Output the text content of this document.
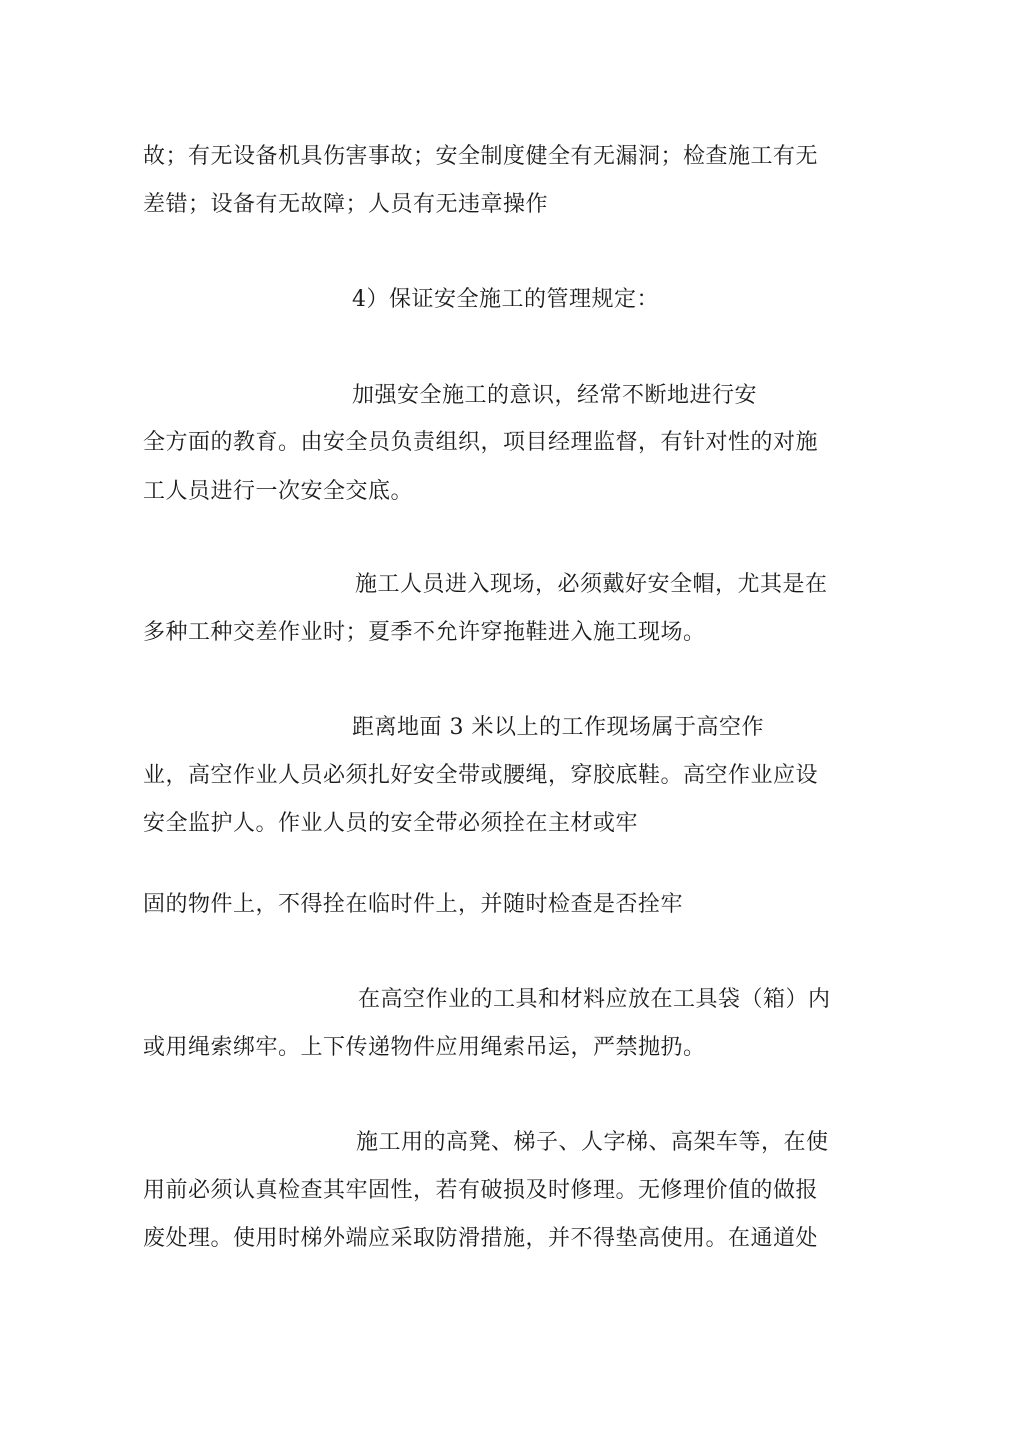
故；有无设备机具伤害事故；安全制度健全有无漏洞；检查施工有无
差错；设备有无故障；人员有无违章操作
4）保证安全施工的管理规定：
加强安全施工的意识，经常不断地进行安
全方面的教育。由安全员负责组织，项目经理监督，有针对性的对施
工人员进行一次安全交底。
施工人员进入现场，必须戴好安全帽，尤其是在
多种工种交差作业时；夏季不允许穿拖鞋进入施工现场。
距离地面 3 米以上的工作现场属于高空作
业，高空作业人员必须扎好安全带或腰绳，穿胶底鞋。高空作业应设
安全监护人。作业人员的安全带必须拴在主材或牢
固的物件上，不得拴在临时件上，并随时检查是否拴牢
在高空作业的工具和材料应放在工具袋（箱）内
或用绳索绑牢。上下传递物件应用绳索吊运，严禁抛扔。
施工用的高凳、梯子、人字梯、高架车等，在使
用前必须认真检查其牢固性，若有破损及时修理。无修理价值的做报
废处理。使用时梯外端应采取防滑措施，并不得垫高使用。在通道处
